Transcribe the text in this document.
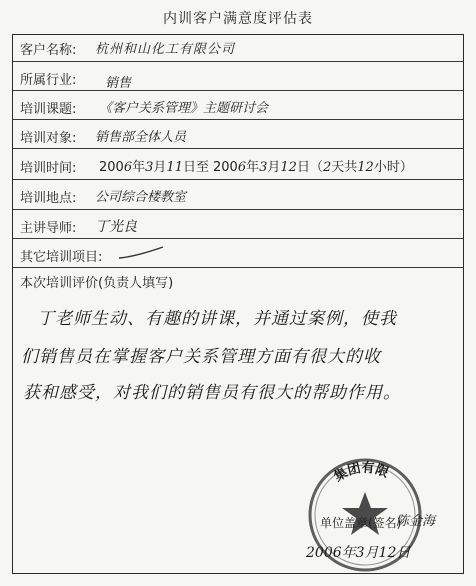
内训客户满意度评估表
客户名称: 杭州和山化工有限公司
所属行业: 销售
培训课题: 《客户关系管理》主题研讨会
培训对象: 销售部全体人员
培训时间: 2006年3月11日至 2006年3月12日（2天共12小时）
培训地点: 公司综合楼教室
主讲导师: 丁光良
其它培训项目:
本次培训评价(负责人填写)
丁老师生动、有趣的讲课，并通过案例，使我
们销售员在掌握客户关系管理方面有很大的收
获和感受，对我们的销售员有很大的帮助作用。
集团有限
单位盖章(签名)
陈金海
2006年3月12日
